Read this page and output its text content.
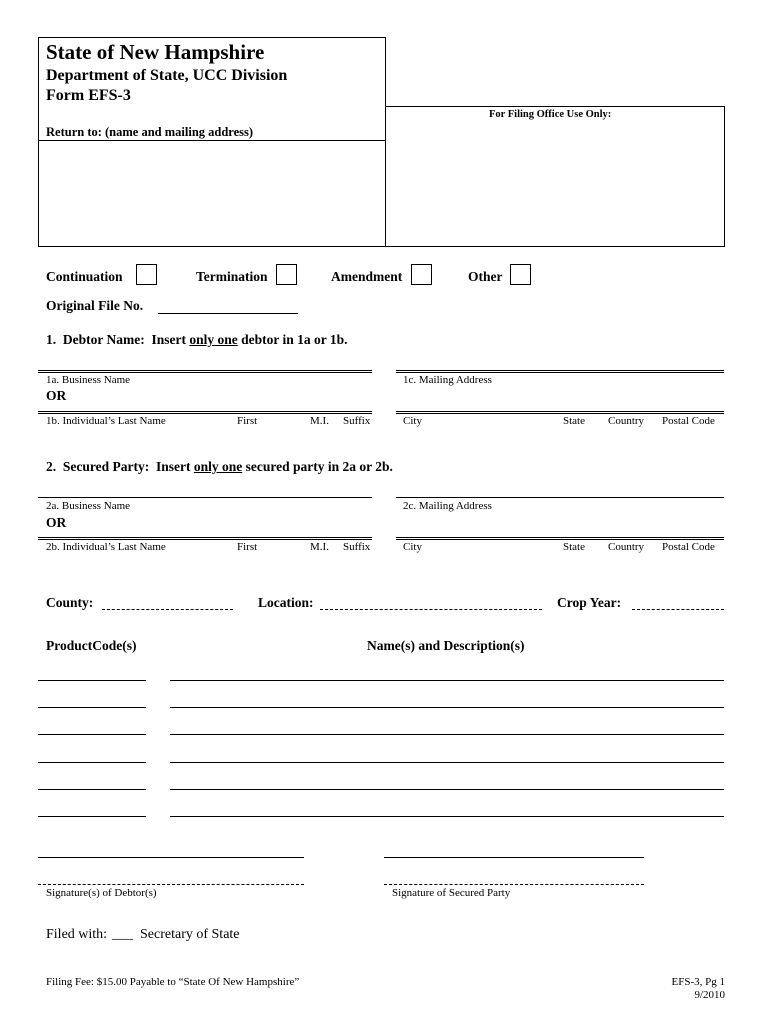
State of New Hampshire
Department of State, UCC Division
Form EFS-3
For Filing Office Use Only:
Return to: (name and mailing address)
Continuation	Termination	Amendment	Other
Original File No.
1.  Debtor Name:  Insert only one debtor in 1a or 1b.
1a. Business Name	1c. Mailing Address
OR
1b. Individual’s Last Name	First	M.I. Suffix	City	State Country Postal Code
2.  Secured Party:  Insert only one secured party in 2a or 2b.
2a. Business Name	2c. Mailing Address
OR
2b. Individual’s Last Name	First	M.I. Suffix	City	State Country Postal Code
County:	Location:	Crop Year:
ProductCode(s)	Name(s) and Description(s)
Signature(s) of Debtor(s)	Signature of Secured Party
Filed with: ___ Secretary of State
Filing Fee: $15.00 Payable to “State Of New Hampshire”	EFS-3, Pg 1
9/2010
